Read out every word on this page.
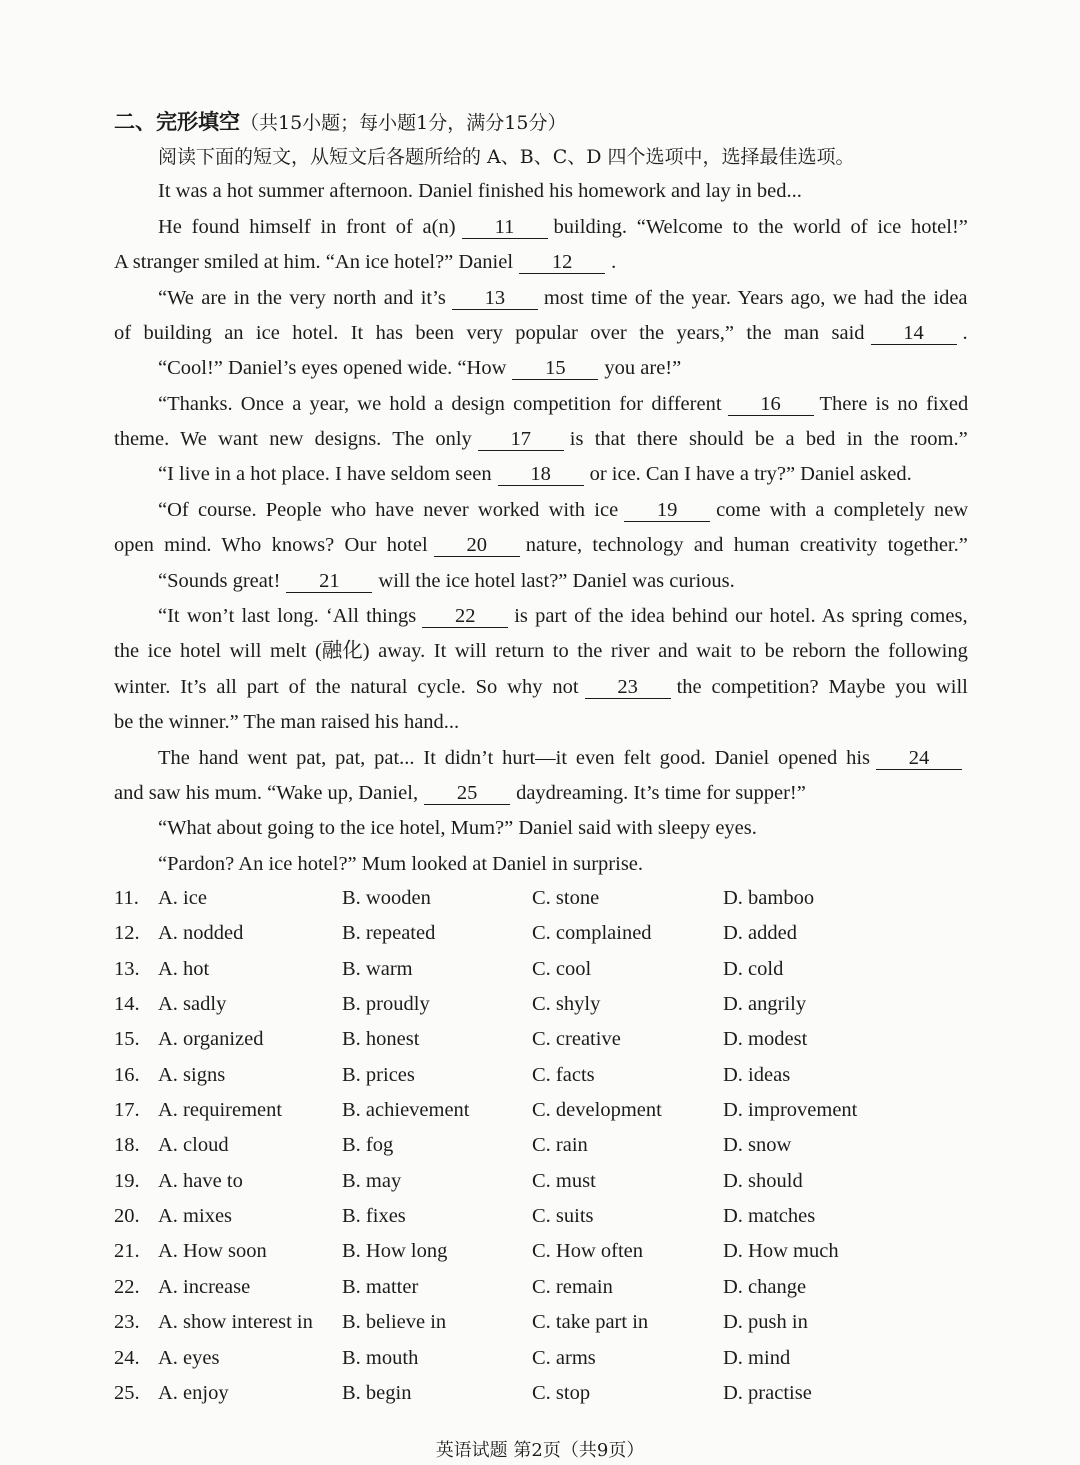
二、完形填空（共15小题；每小题1分，满分15分）
阅读下面的短文，从短文后各题所给的 A、B、C、D 四个选项中，选择最佳选项。
It was a hot summer afternoon. Daniel finished his homework and lay in bed...
He found himself in front of a(n) 11 building. “Welcome to the world of ice hotel!”
A stranger smiled at him. “An ice hotel?” Daniel 12 .
“We are in the very north and it’s 13 most time of the year. Years ago, we had the idea
of building an ice hotel. It has been very popular over the years,” the man said 14 .
“Cool!” Daniel’s eyes opened wide. “How 15 you are!”
“Thanks. Once a year, we hold a design competition for different 16 There is no fixed
theme. We want new designs. The only 17 is that there should be a bed in the room.”
“I live in a hot place. I have seldom seen 18 or ice. Can I have a try?” Daniel asked.
“Of course. People who have never worked with ice 19 come with a completely new
open mind. Who knows? Our hotel 20 nature, technology and human creativity together.”
“Sounds great! 21 will the ice hotel last?” Daniel was curious.
“It won’t last long. ‘All things 22 is part of the idea behind our hotel. As spring comes,
the ice hotel will melt (融化) away. It will return to the river and wait to be reborn the following
winter. It’s all part of the natural cycle. So why not 23 the competition? Maybe you will
be the winner.” The man raised his hand...
The hand went pat, pat, pat... It didn’t hurt—it even felt good. Daniel opened his 24
and saw his mum. “Wake up, Daniel, 25 daydreaming. It’s time for supper!”
“What about going to the ice hotel, Mum?” Daniel said with sleepy eyes.
“Pardon? An ice hotel?” Mum looked at Daniel in surprise.
11. A. ice	B. wooden	C. stone	D. bamboo
12. A. nodded	B. repeated	C. complained	D. added
13. A. hot	B. warm	C. cool	D. cold
14. A. sadly	B. proudly	C. shyly	D. angrily
15. A. organized	B. honest	C. creative	D. modest
16. A. signs	B. prices	C. facts	D. ideas
17. A. requirement	B. achievement	C. development	D. improvement
18. A. cloud	B. fog	C. rain	D. snow
19. A. have to	B. may	C. must	D. should
20. A. mixes	B. fixes	C. suits	D. matches
21. A. How soon	B. How long	C. How often	D. How much
22. A. increase	B. matter	C. remain	D. change
23. A. show interest in B. believe in	C. take part in	D. push in
24. A. eyes	B. mouth	C. arms	D. mind
25. A. enjoy	B. begin	C. stop	D. practise
英语试题 第2页（共9页）
